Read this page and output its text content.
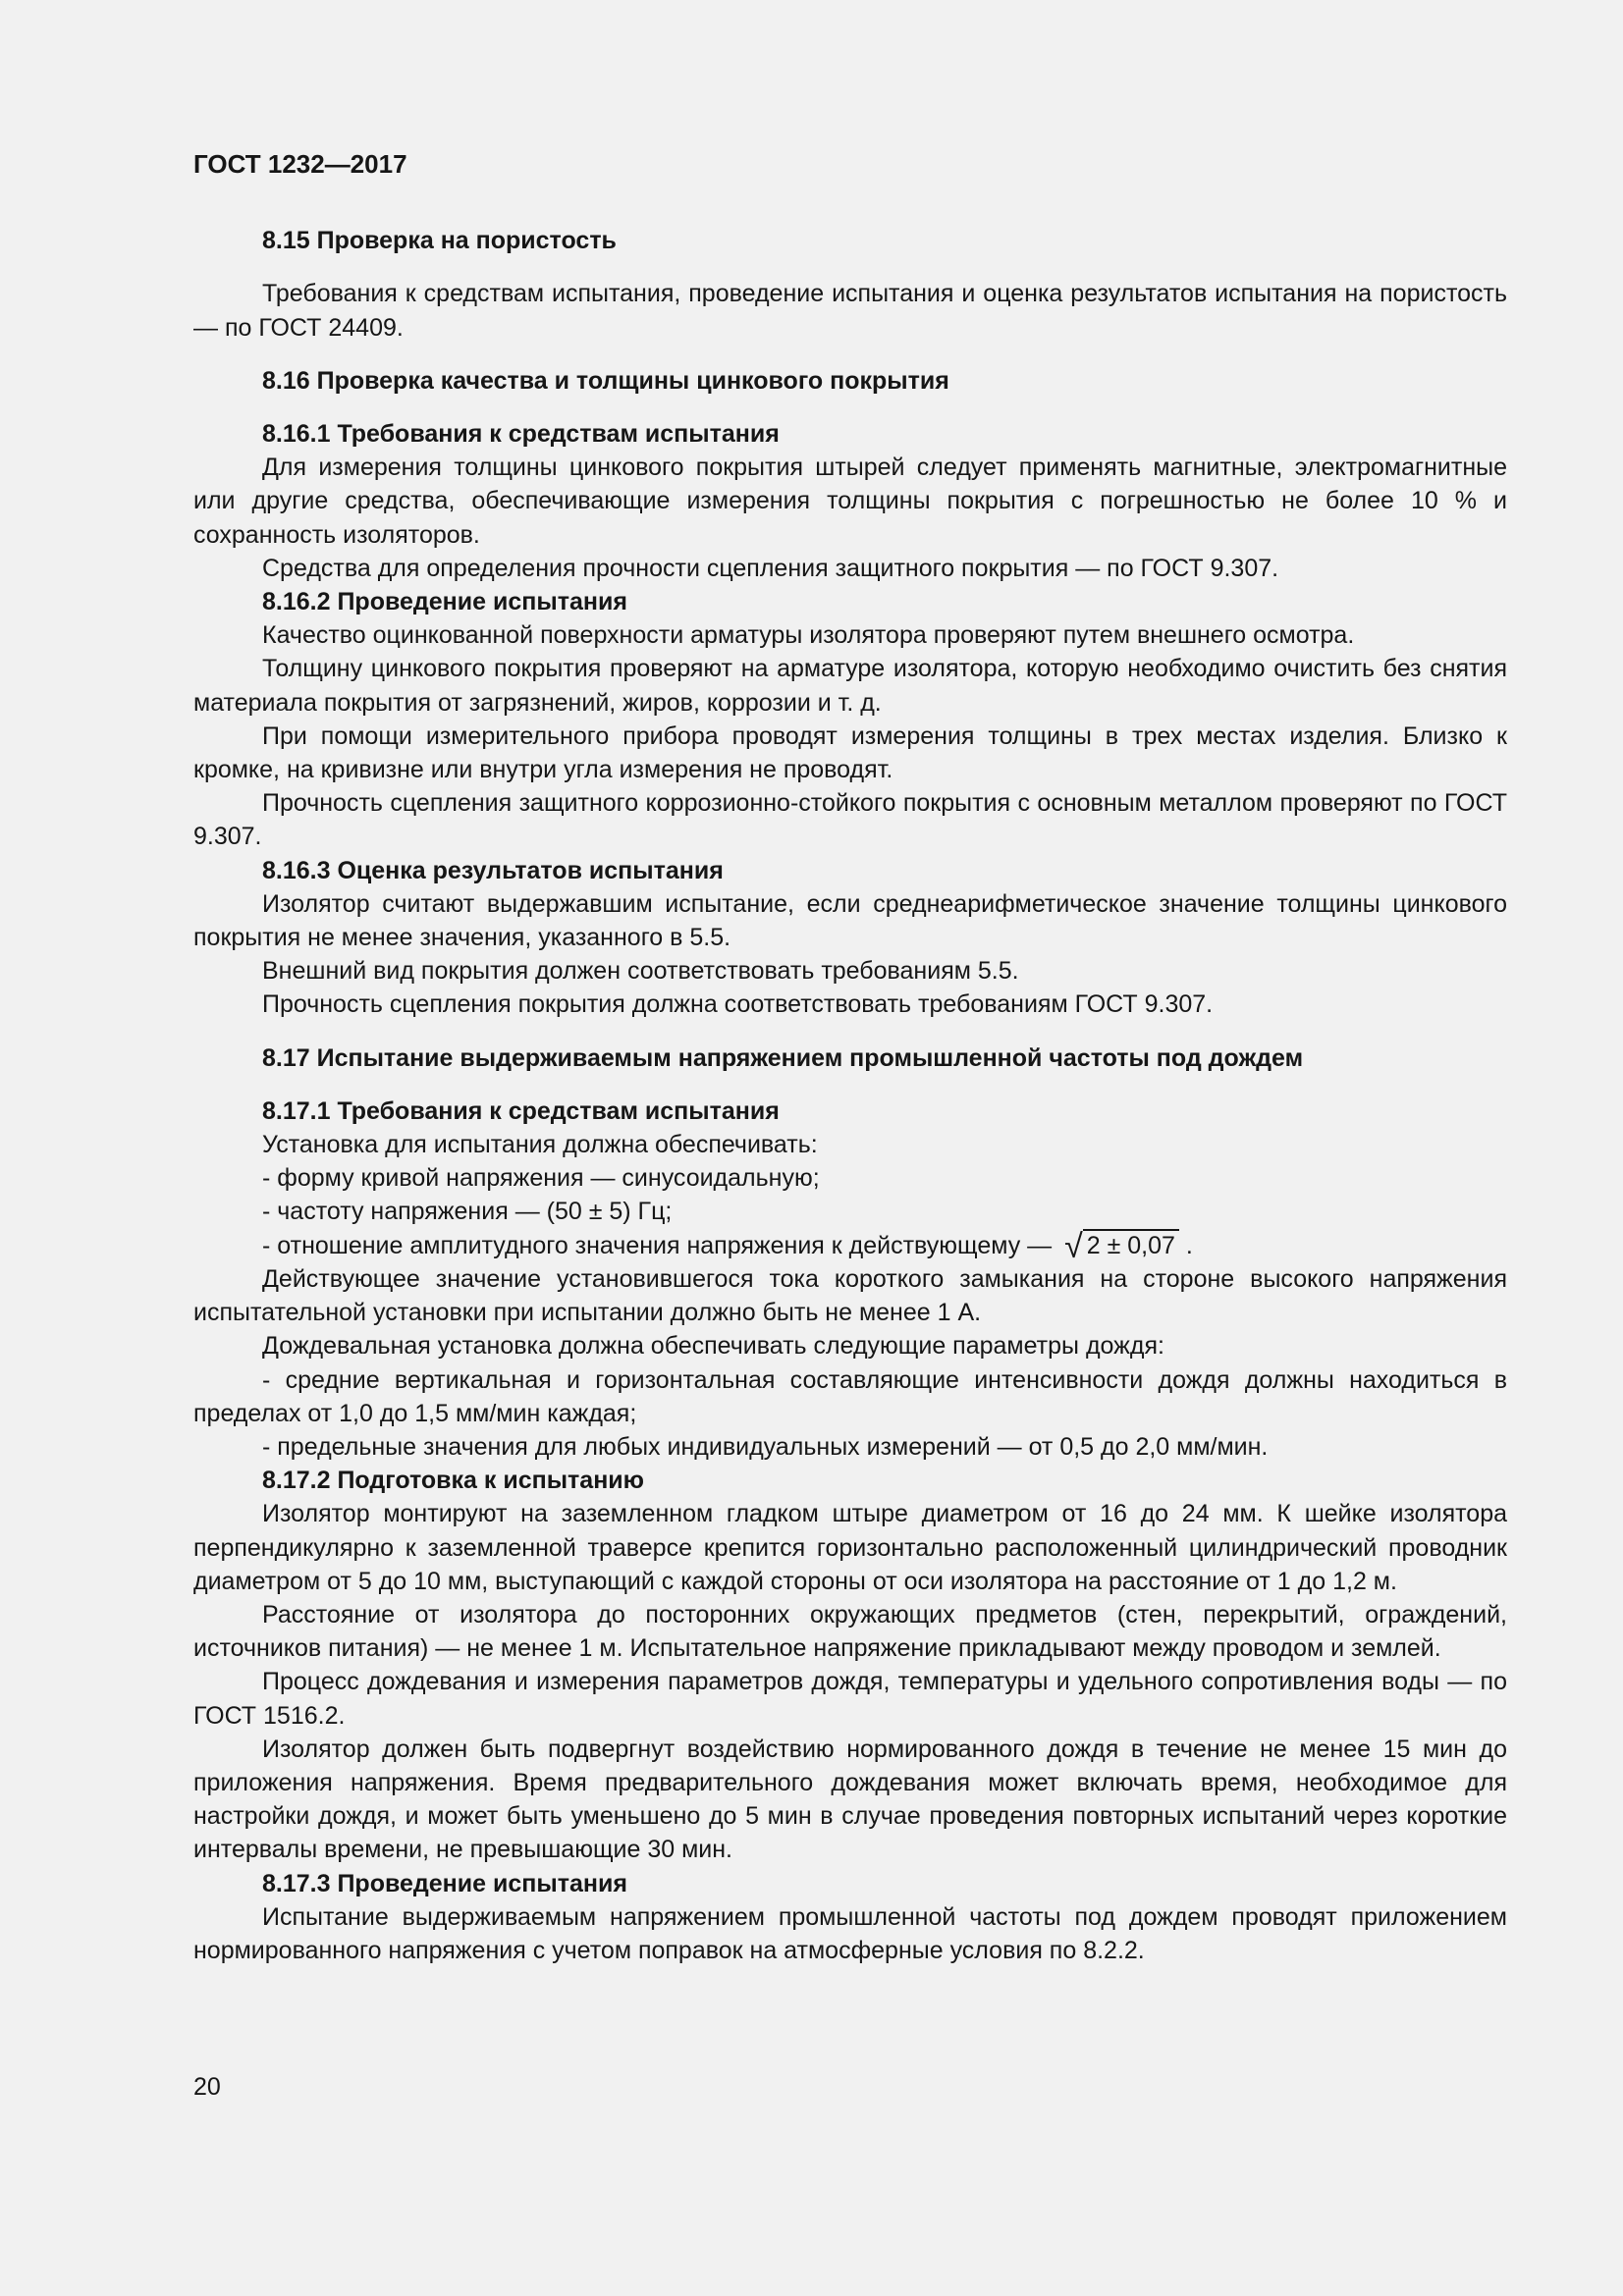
ГОСТ 1232—2017

8.15 Проверка на пористость

Требования к средствам испытания, проведение испытания и оценка результатов испытания на пористость — по ГОСТ 24409.

8.16 Проверка качества и толщины цинкового покрытия

8.16.1 Требования к средствам испытания

Для измерения толщины цинкового покрытия штырей следует применять магнитные, электромагнитные или другие средства, обеспечивающие измерения толщины покрытия с погрешностью не более 10 % и сохранность изоляторов.

Средства для определения прочности сцепления защитного покрытия — по ГОСТ 9.307.

8.16.2 Проведение испытания

Качество оцинкованной поверхности арматуры изолятора проверяют путем внешнего осмотра.

Толщину цинкового покрытия проверяют на арматуре изолятора, которую необходимо очистить без снятия материала покрытия от загрязнений, жиров, коррозии и т. д.

При помощи измерительного прибора проводят измерения толщины в трех местах изделия. Близко к кромке, на кривизне или внутри угла измерения не проводят.

Прочность сцепления защитного коррозионно-стойкого покрытия с основным металлом проверяют по ГОСТ 9.307.

8.16.3 Оценка результатов испытания

Изолятор считают выдержавшим испытание, если среднеарифметическое значение толщины цинкового покрытия не менее значения, указанного в 5.5.

Внешний вид покрытия должен соответствовать требованиям 5.5.

Прочность сцепления покрытия должна соответствовать требованиям ГОСТ 9.307.

8.17 Испытание выдерживаемым напряжением промышленной частоты под дождем

8.17.1 Требования к средствам испытания

Установка для испытания должна обеспечивать:

- форму кривой напряжения — синусоидальную;

- частоту напряжения — (50 ± 5) Гц;

- отношение амплитудного значения напряжения к действующему — √ 2 ± 0,07 .

Действующее значение установившегося тока короткого замыкания на стороне высокого напряжения испытательной установки при испытании должно быть не менее 1 А.

Дождевальная установка должна обеспечивать следующие параметры дождя:

- средние вертикальная и горизонтальная составляющие интенсивности дождя должны находиться в пределах от 1,0 до 1,5 мм/мин каждая;

- предельные значения для любых индивидуальных измерений — от 0,5 до 2,0 мм/мин.

8.17.2 Подготовка к испытанию

Изолятор монтируют на заземленном гладком штыре диаметром от 16 до 24 мм. К шейке изолятора перпендикулярно к заземленной траверсе крепится горизонтально расположенный цилиндрический проводник диаметром от 5 до 10 мм, выступающий с каждой стороны от оси изолятора на расстояние от 1 до 1,2 м.

Расстояние от изолятора до посторонних окружающих предметов (стен, перекрытий, ограждений, источников питания) — не менее 1 м. Испытательное напряжение прикладывают между проводом и землей.

Процесс дождевания и измерения параметров дождя, температуры и удельного сопротивления воды — по ГОСТ 1516.2.

Изолятор должен быть подвергнут воздействию нормированного дождя в течение не менее 15 мин до приложения напряжения. Время предварительного дождевания может включать время, необходимое для настройки дождя, и может быть уменьшено до 5 мин в случае проведения повторных испытаний через короткие интервалы времени, не превышающие 30 мин.

8.17.3 Проведение испытания

Испытание выдерживаемым напряжением промышленной частоты под дождем проводят приложением нормированного напряжения с учетом поправок на атмосферные условия по 8.2.2.

20
